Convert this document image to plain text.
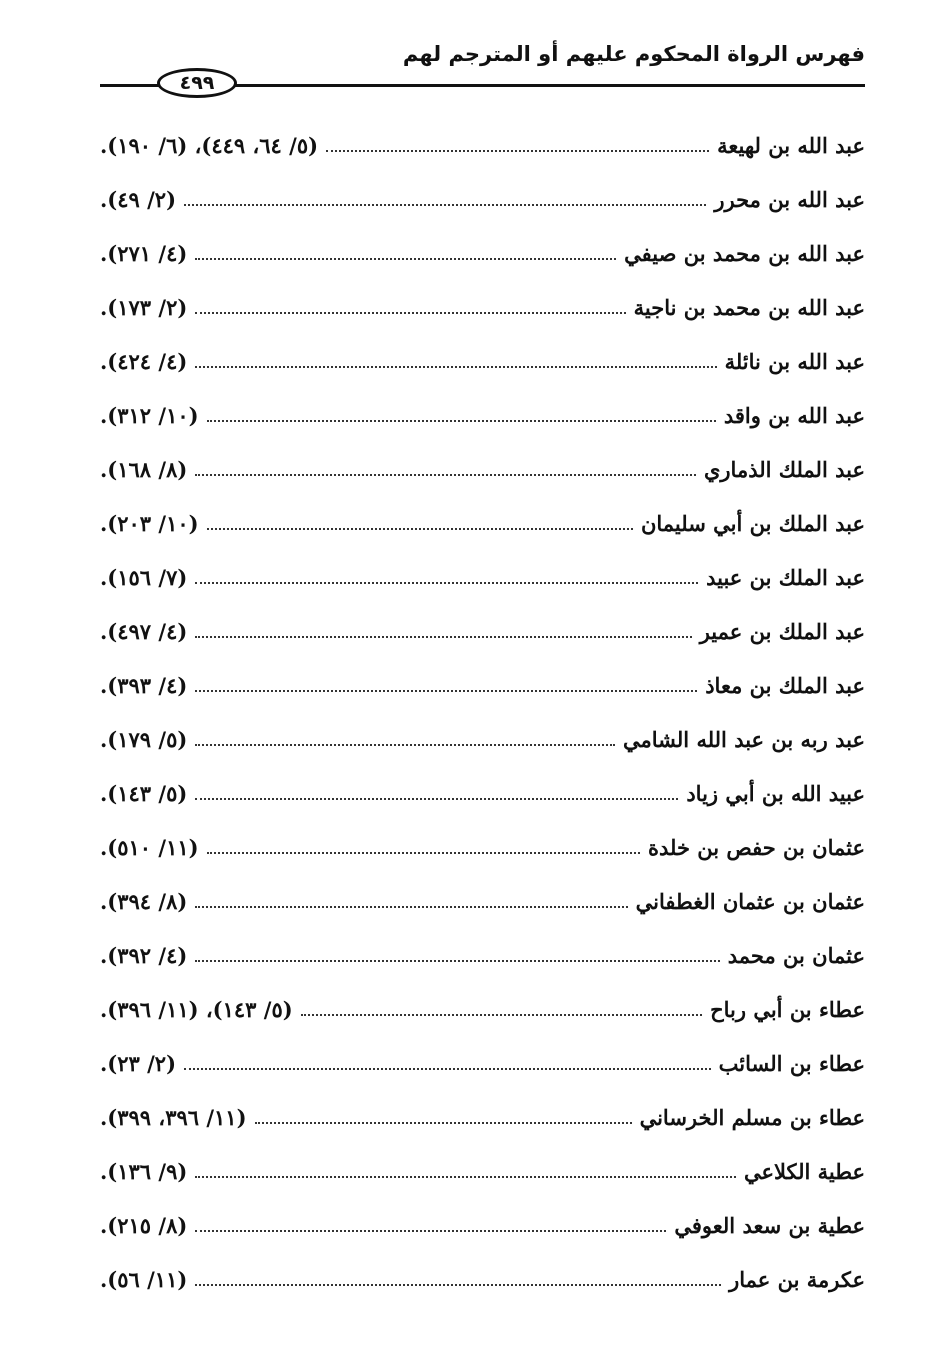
فهرس الرواة المحكوم عليهم أو المترجم لهم
٤٩٩
عبد الله بن لهيعة
(٥/ ٦٤، ٤٤٩)، (٦/ ١٩٠).
عبد الله بن محرر
(٢/ ٤٩).
عبد الله بن محمد بن صيفي
(٤/ ٢٧١).
عبد الله بن محمد بن ناجية
(٢/ ١٧٣).
عبد الله بن نائلة
(٤/ ٤٢٤).
عبد الله بن واقد
(١٠/ ٣١٢).
عبد الملك الذماري
(٨/ ١٦٨).
عبد الملك بن أبي سليمان
(١٠/ ٢٠٣).
عبد الملك بن عبيد
(٧/ ١٥٦).
عبد الملك بن عمير
(٤/ ٤٩٧).
عبد الملك بن معاذ
(٤/ ٣٩٣).
عبد ربه بن عبد الله الشامي
(٥/ ١٧٩).
عبيد الله بن أبي زياد
(٥/ ١٤٣).
عثمان بن حفص بن خلدة
(١١/ ٥١٠).
عثمان بن عثمان الغطفاني
(٨/ ٣٩٤).
عثمان بن محمد
(٤/ ٣٩٢).
عطاء بن أبي رباح
(٥/ ١٤٣)، (١١/ ٣٩٦).
عطاء بن السائب
(٢/ ٢٣).
عطاء بن مسلم الخرساني
(١١/ ٣٩٦، ٣٩٩).
عطية الكلاعي
(٩/ ١٣٦).
عطية بن سعد العوفي
(٨/ ٢١٥).
عكرمة بن عمار
(١١/ ٥٦).
